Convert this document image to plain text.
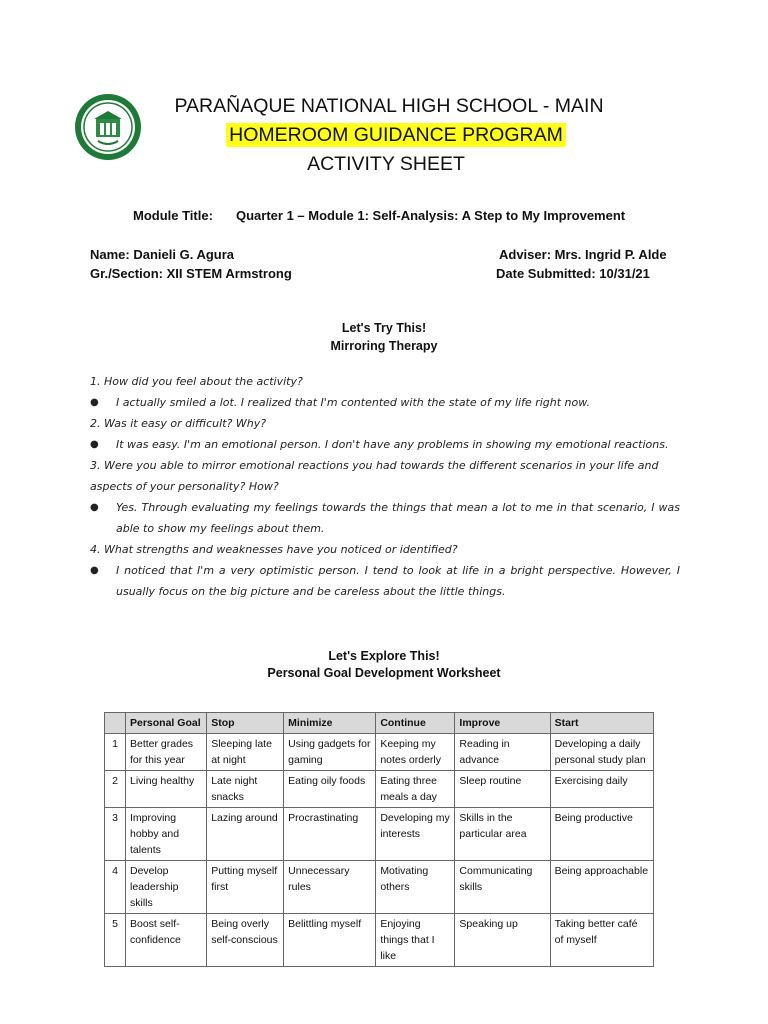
PARAÑAQUE NATIONAL HIGH SCHOOL - MAIN
HOMEROOM GUIDANCE PROGRAM
ACTIVITY SHEET
Module Title: Quarter 1 – Module 1: Self-Analysis: A Step to My Improvement
Name: Danieli G. Agura
Gr./Section: XII STEM Armstrong
Adviser: Mrs. Ingrid P. Alde
Date Submitted: 10/31/21
Let's Try This!
Mirroring Therapy

1. How did you feel about the activity?

● I actually smiled a lot. I realized that I'm contented with the state of my life right now.

2. Was it easy or difficult? Why?

● It was easy. I'm an emotional person. I don't have any problems in showing my emotional reactions.

3. Were you able to mirror emotional reactions you had towards the different scenarios in your life and aspects of your personality? How?

● Yes. Through evaluating my feelings towards the things that mean a lot to me in that scenario, I was able to show my feelings about them.

4. What strengths and weaknesses have you noticed or identified?

● I noticed that I'm a very optimistic person. I tend to look at life in a bright perspective. However, I usually focus on the big picture and be careless about the little things.

Let's Explore This!
Personal Goal Development Worksheet
	Personal Goal	Stop	Minimize	Continue	Improve	Start
1	Better grades for this year	Sleeping late at night	Using gadgets for gaming	Keeping my notes orderly	Reading in advance	Developing a daily personal study plan
2	Living healthy	Late night snacks	Eating oily foods	Eating three meals a day	Sleep routine	Exercising daily
3	Improving hobby and talents	Lazing around	Procrastinating	Developing my interests	Skills in the particular area	Being productive
4	Develop leadership skills	Putting myself first	Unnecessary rules	Motivating others	Communicating skills	Being approachable
5	Boost self-confidence	Being overly self-conscious	Belittling myself	Enjoying things that I like	Speaking up	Taking better café of myself
